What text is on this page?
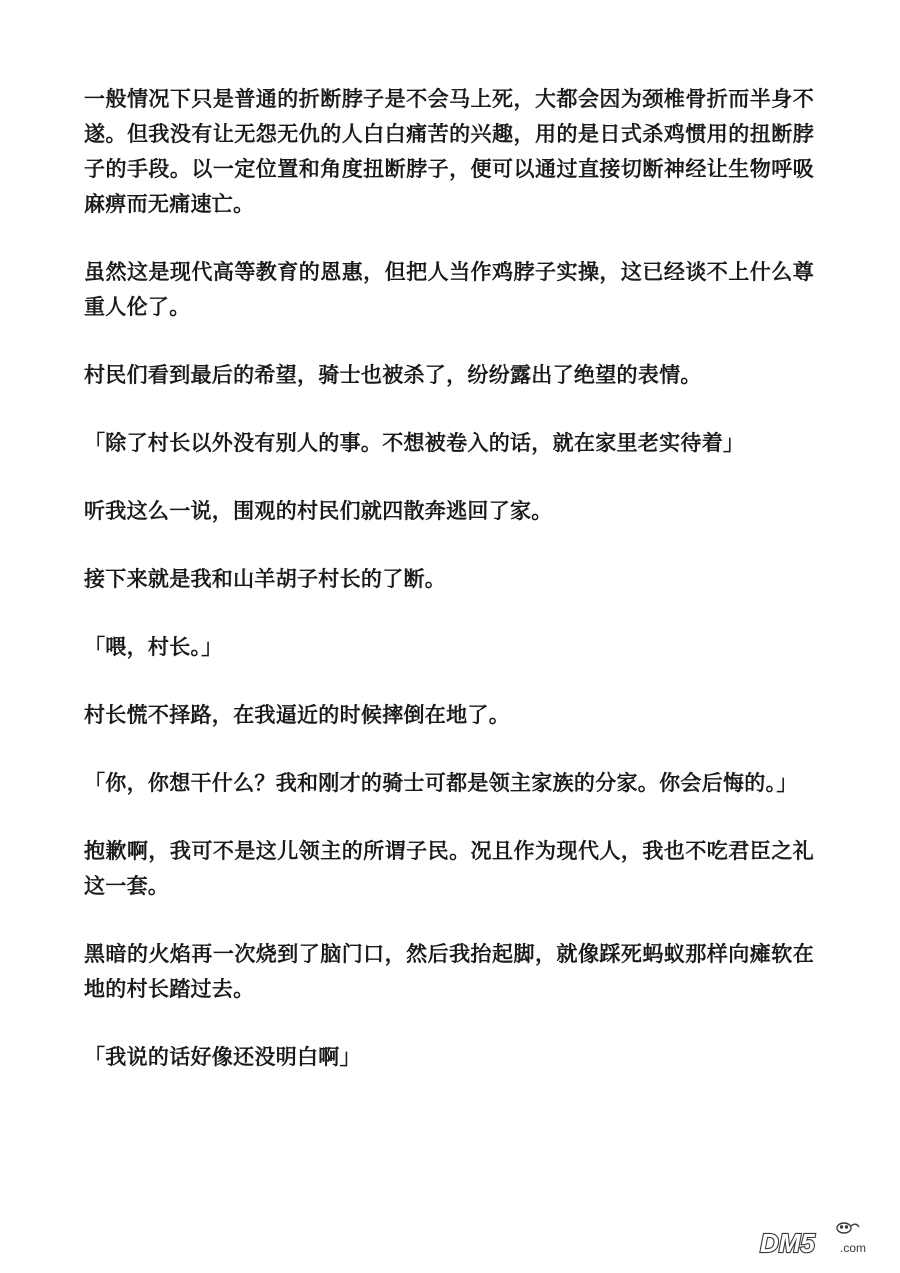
一般情况下只是普通的折断脖子是不会马上死，大都会因为颈椎骨折而半身不遂。但我没有让无怨无仇的人白白痛苦的兴趣，用的是日式杀鸡惯用的扭断脖子的手段。以一定位置和角度扭断脖子，便可以通过直接切断神经让生物呼吸麻痹而无痛速亡。

虽然这是现代高等教育的恩惠，但把人当作鸡脖子实操，这已经谈不上什么尊重人伦了。

村民们看到最后的希望，骑士也被杀了，纷纷露出了绝望的表情。

「除了村长以外没有别人的事。不想被卷入的话，就在家里老实待着」

听我这么一说，围观的村民们就四散奔逃回了家。

接下来就是我和山羊胡子村长的了断。

「喂，村长。」

村长慌不择路，在我逼近的时候摔倒在地了。

「你，你想干什么？我和刚才的骑士可都是领主家族的分家。你会后悔的。」

抱歉啊，我可不是这儿领主的所谓子民。况且作为现代人，我也不吃君臣之礼这一套。

黑暗的火焰再一次烧到了脑门口，然后我抬起脚，就像踩死蚂蚁那样向瘫软在地的村长踏过去。

「我说的话好像还没明白啊」

DM5 .com
